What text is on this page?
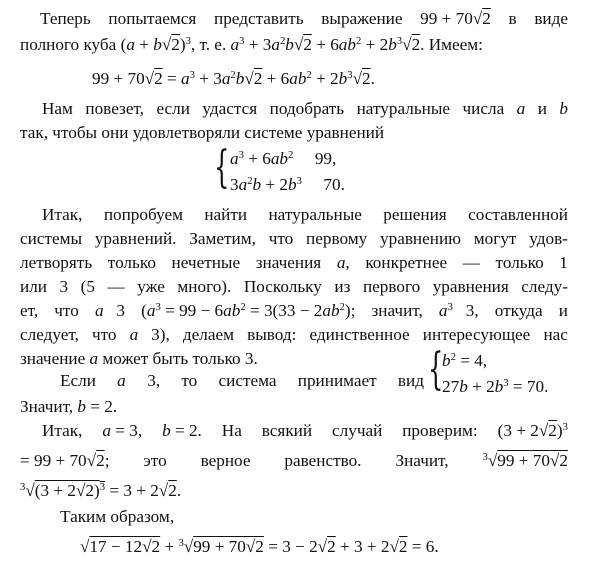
Теперь попытаемся представить выражение 99 + 70√2 в виде
полного куба $(a + b√2)^3$, т. е. $a^3 + 3a^2b√2 + 6ab^2 + 2b^3√2$. Имеем:
$99 + 70√2 = a^3 + 3a^2b√2 + 6ab^2 + 2b^3√2$.
Нам повезет, если удастся подобрать натуральные числа a и b
так, чтобы они удовлетворяли системе уравнений
{ $a^3 + 6ab^2$     99,
$3a^2b + 2b^3$     70.
Итак, попробуем найти натуральные решения составленной
системы уравнений. Заметим, что первому уравнению могут удов-
летворять только нечетные значения a, конкретнее — только 1
или 3 (5 — уже много). Поскольку из первого уравнения следу-
ет, что a   3 ($a^3 = 99 - 6ab^2 = 3(33 - 2ab^2)$; значит, $a^3$   3, откуда и
следует, что a   3), делаем вывод: единственное интересующее нас
значение a может быть только 3.
Если a     3, то система принимает вид {
$b^2 = 4$,
$27b + 2b^3 = 70$.
Значит, b = 2.
Итак, a = 3, b = 2. На всякий случай проверим: $(3 + 2√2)^3$
= 99 + 70√2; это верное равенство. Значит,	$^3$√99 + 70√2
$^3√(3 + 2√2)^3 = 3 + 2√2$.
Таким образом,
√17 − 12√2 + $^3$√99 + 70√2 = 3 − 2√2 + 3 + 2√2 = 6.
